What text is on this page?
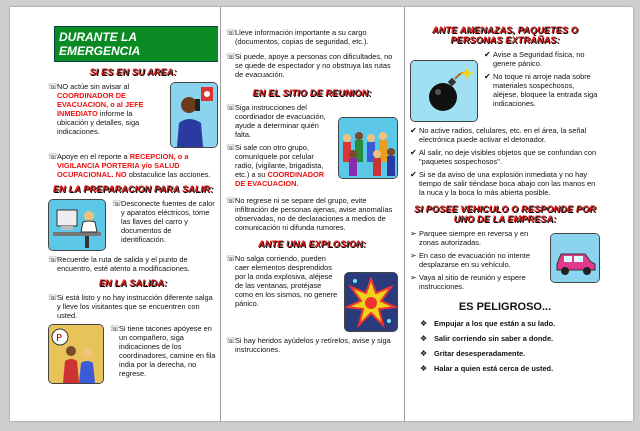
DURANTE LA EMERGENCIA
SI ES EN SU AREA:
☏
NO actúe sin avisar al COORDINADOR DE EVACUACION, o al JEFE INMEDIATO informe la ubicación y detalles, siga indicaciones.
☏
Apoye en el reporte a RECEPCION, o a VIGILANCIA PORTERIA y/o SALUD OCUPACIONAL. NO obstaculice las acciones.
EN LA PREPARACION PARA SALIR:
☏
Desconecte fuentes de calor y aparatos eléctricos, tome las llaves del carro y documentos de identificación.
☏
Recuerde la ruta de salida y el punto de encuentro, esté atento a modificaciones.
EN LA SALIDA:
☏
Si está listo y no hay instrucción diferente salga y lleve los visitantes que se encuentren con usted.
P
☏
Si tiene tacones apóyese en un compañero, siga indicaciones de los coordinadores, camine en fila india por la derecha, no regrese.
☏
Lleve información importante a su cargo (documentos, copias de seguridad, etc.).
☏
Si puede, apoye a personas con dificultades, no se quede de espectador y no obstruya las rutas de evacuación.
EN EL SITIO DE REUNION:
☏
Siga instrucciones del coordinador de evacuación, ayude a determinar quién falta.
☏
Si sale con otro grupo, comuníquele por celular radio, (vigilante, brigadista, etc.) a su COORDINADOR DE EVACUACION.
☏
No regrese ni se separe del grupo, evite infiltración de personas ajenas, avise anomalías observadas, no de declaraciones a medios de comunicación ni difunda rumores.
ANTE UNA EXPLOSION:
☏
No salga corriendo, pueden caer elementos desprendidos por la onda explosiva, aléjese de las ventanas, protéjase como en los sismos, no genere pánico.
☏
Si hay heridos ayúdelos y retírelos, avise y siga instrucciones.
ANTE AMENAZAS, PAQUETES O PERSONAS EXTRAÑAS:
✔ Avise a Seguridad física, no genere pánico.
✔ No toque ni arroje nada sobre materiales sospechosos, aléjese, bloquee la entrada siga indicaciones.
✔ No active radios, celulares, etc. en el área, la señal electrónica puede activar el detonador.
✔ Al salir, no deje visibles objetos que se confundan con "paquetes sospechosos".
✔ Si se da aviso de una explosión inmediata y no hay tiempo de salir tiéndase boca abajo con las manos en la nuca y la boca lo más abierta posible.
SI POSEE VEHICULO O RESPONDE POR UNO DE LA EMPRESA:
➢ Parquee siempre en reversa y en zonas autorizadas.
➢ En caso de evacuación no intente desplazarse en su vehículo.
➢ Vaya al sitio de reunión y espere instrucciones.
ES PELIGROSO...
❖ Empujar a los que están a su lado.
❖ Salir corriendo sin saber a donde.
❖ Gritar desesperadamente.
❖ Halar a quien está cerca de usted.
